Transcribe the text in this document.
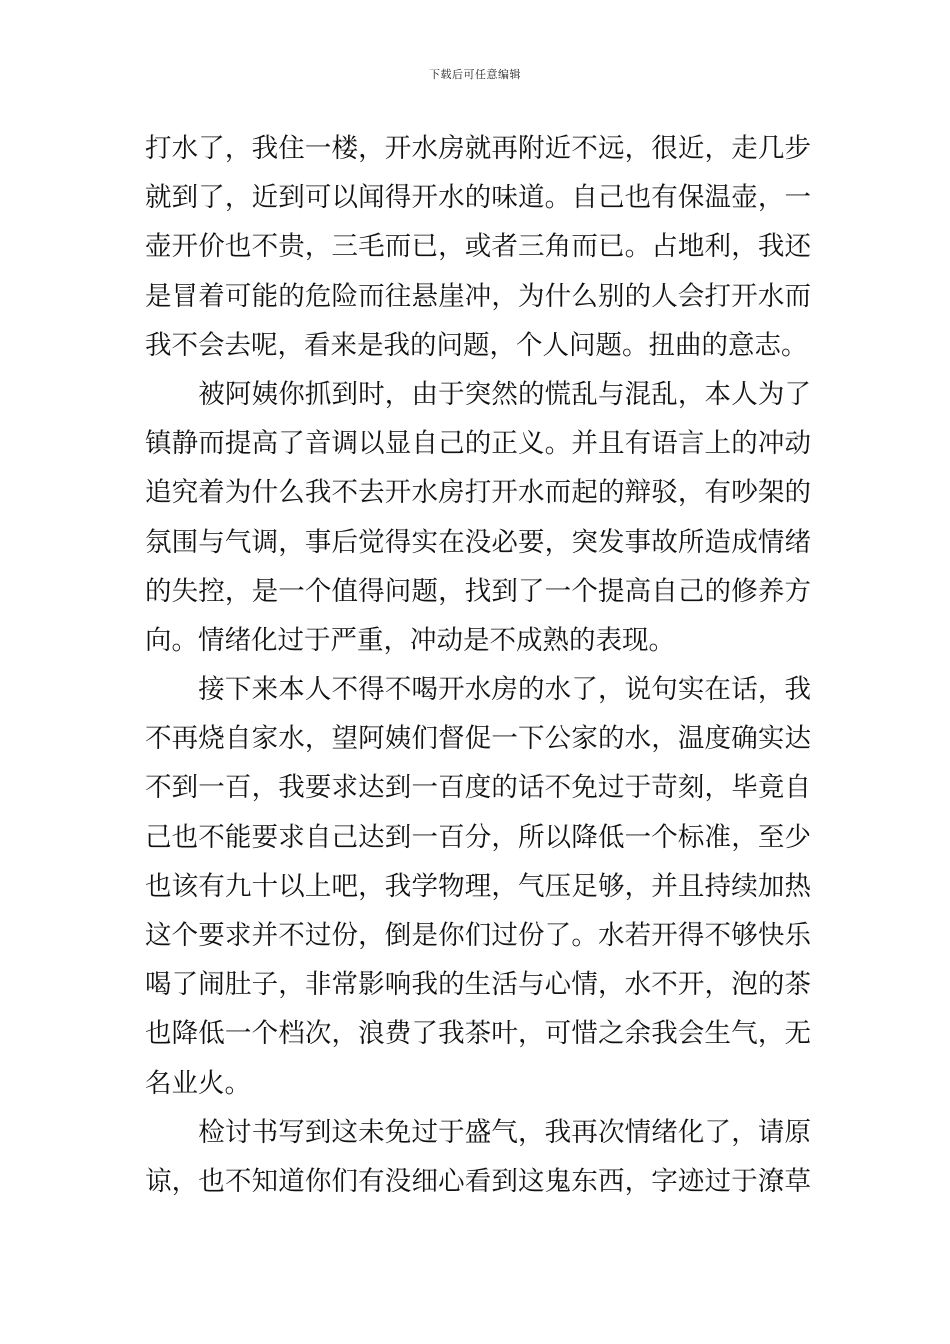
下载后可任意编辑
打水了，我住一楼，开水房就再附近不远，很近，走几步
就到了，近到可以闻得开水的味道。自己也有保温壶，一
壶开价也不贵，三毛而已，或者三角而已。占地利，我还
是冒着可能的危险而往悬崖冲，为什么别的人会打开水而
我不会去呢，看来是我的问题，个人问题。扭曲的意志。
　　被阿姨你抓到时，由于突然的慌乱与混乱，本人为了
镇静而提高了音调以显自己的正义。并且有语言上的冲动
追究着为什么我不去开水房打开水而起的辩驳，有吵架的
氛围与气调，事后觉得实在没必要，突发事故所造成情绪
的失控，是一个值得问题，找到了一个提高自己的修养方
向。情绪化过于严重，冲动是不成熟的表现。
　　接下来本人不得不喝开水房的水了，说句实在话，我
不再烧自家水，望阿姨们督促一下公家的水，温度确实达
不到一百，我要求达到一百度的话不免过于苛刻，毕竟自
己也不能要求自己达到一百分，所以降低一个标准，至少
也该有九十以上吧，我学物理，气压足够，并且持续加热
这个要求并不过份，倒是你们过份了。水若开得不够快乐
喝了闹肚子，非常影响我的生活与心情，水不开，泡的茶
也降低一个档次，浪费了我茶叶，可惜之余我会生气，无
名业火。
　　检讨书写到这未免过于盛气，我再次情绪化了，请原
谅，也不知道你们有没细心看到这鬼东西，字迹过于潦草
